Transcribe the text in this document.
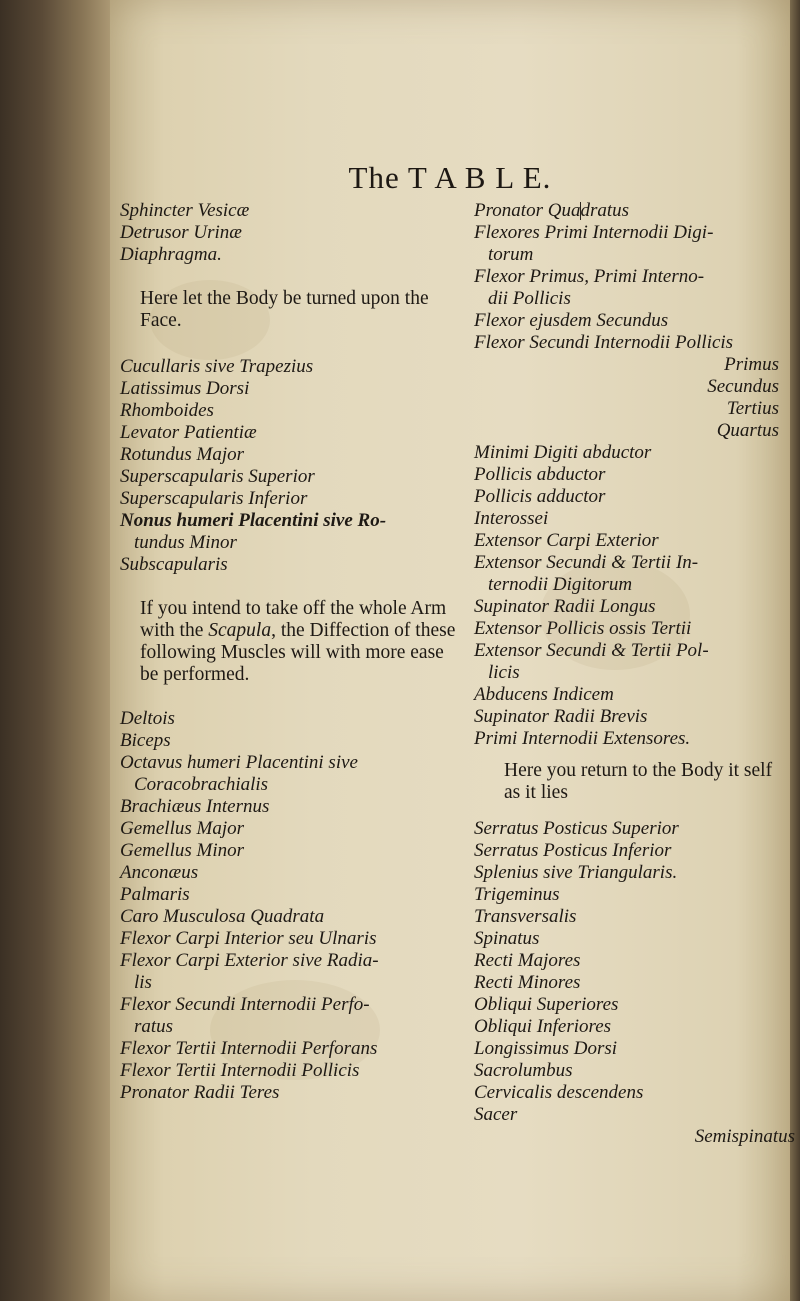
The T A B L E.
Sphincter Vesicæ
Detrusor Urinæ
Diaphragma.
Here let the Body be turned upon the Face.
Cucullaris sive Trapezius
Latissimus Dorsi
Rhomboides
Levator Patientiæ
Rotundus Major
Superscapularis Superior
Superscapularis Inferior
Nonus humeri Placentini sive Ro-
tundus Minor
Subscapularis
If you intend to take off the whole Arm with the Scapula, the Diffection of these following Muscles will with more ease be performed.
Deltois
Biceps
Octavus humeri Placentini sive
Coracobrachialis
Brachiæus Internus
Gemellus Major
Gemellus Minor
Anconæus
Palmaris
Caro Musculosa Quadrata
Flexor Carpi Interior seu Ulnaris
Flexor Carpi Exterior sive Radia-
lis
Flexor Secundi Internodii Perfo-
ratus
Flexor Tertii Internodii Perforans
Flexor Tertii Internodii Pollicis
Pronator Radii Teres
Pronator Quadratus
Flexores Primi Internodii Digi-
torum
Flexor Primus, Primi Interno-
dii Pollicis
Flexor ejusdem Secundus
Flexor Secundi Internodii Pollicis
Primus
Secundus
Tertius
Quartus
Minimi Digiti abductor
Pollicis abductor
Pollicis adductor
Interossei
Extensor Carpi Exterior
Extensor Secundi & Tertii In-
ternodii Digitorum
Supinator Radii Longus
Extensor Pollicis ossis Tertii
Extensor Secundi & Tertii Pol-
licis
Abducens Indicem
Supinator Radii Brevis
Primi Internodii Extensores.
Here you return to the Body it self as it lies
Serratus Posticus Superior
Serratus Posticus Inferior
Splenius sive Triangularis.
Trigeminus
Transversalis
Spinatus
Recti Majores
Recti Minores
Obliqui Superiores
Obliqui Inferiores
Longissimus Dorsi
Sacrolumbus
Cervicalis descendens
Sacer
Semispinatus
